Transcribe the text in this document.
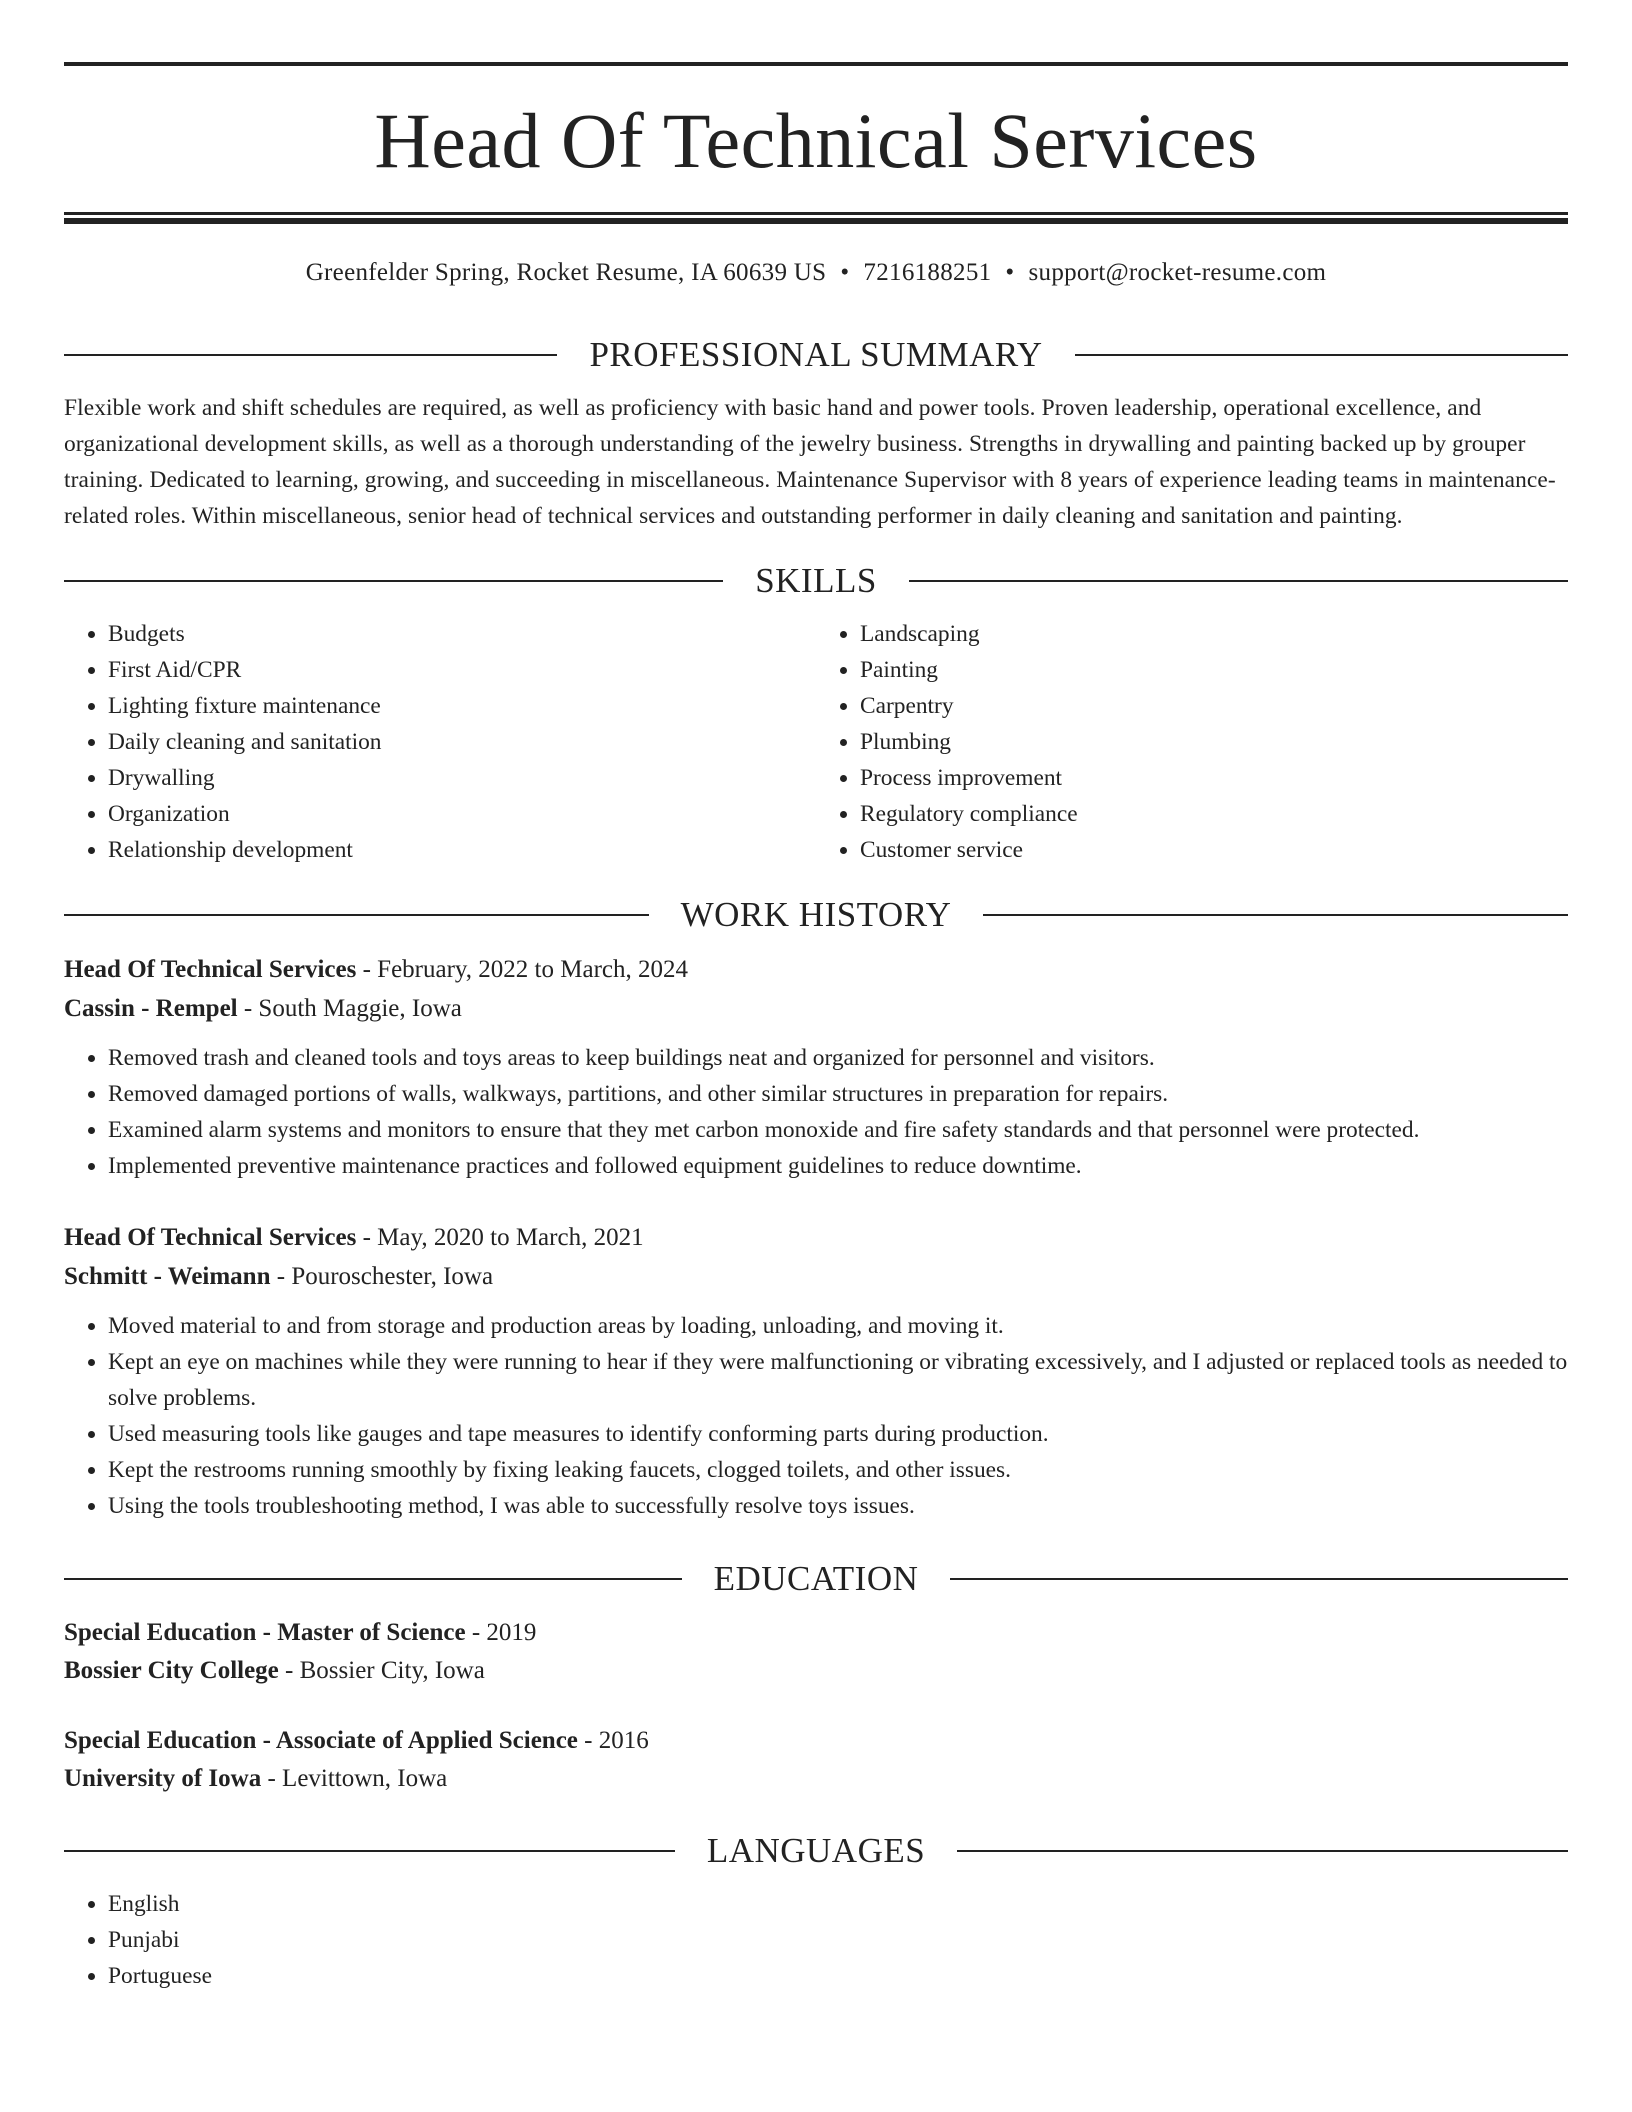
Head Of Technical Services
Greenfelder Spring, Rocket Resume, IA 60639 US • 7216188251 • support@rocket-resume.com
PROFESSIONAL SUMMARY

Flexible work and shift schedules are required, as well as proficiency with basic hand and power tools. Proven leadership, operational excellence, and organizational development skills, as well as a thorough understanding of the jewelry business. Strengths in drywalling and painting backed up by grouper training. Dedicated to learning, growing, and succeeding in miscellaneous. Maintenance Supervisor with 8 years of experience leading teams in maintenance-related roles. Within miscellaneous, senior head of technical services and outstanding performer in daily cleaning and sanitation and painting.

SKILLS
• Budgets
• First Aid/CPR
• Lighting fixture maintenance
• Daily cleaning and sanitation
• Drywalling
• Organization
• Relationship development
• Landscaping
• Painting
• Carpentry
• Plumbing
• Process improvement
• Regulatory compliance
• Customer service
WORK HISTORY
Head Of Technical Services - February, 2022 to March, 2024
Cassin - Rempel - South Maggie, Iowa
• Removed trash and cleaned tools and toys areas to keep buildings neat and organized for personnel and visitors.
• Removed damaged portions of walls, walkways, partitions, and other similar structures in preparation for repairs.
• Examined alarm systems and monitors to ensure that they met carbon monoxide and fire safety standards and that personnel were protected.
• Implemented preventive maintenance practices and followed equipment guidelines to reduce downtime.
Head Of Technical Services - May, 2020 to March, 2021
Schmitt - Weimann - Pouroschester, Iowa
• Moved material to and from storage and production areas by loading, unloading, and moving it.
• Kept an eye on machines while they were running to hear if they were malfunctioning or vibrating excessively, and I adjusted or replaced tools as needed to solve problems.
• Used measuring tools like gauges and tape measures to identify conforming parts during production.
• Kept the restrooms running smoothly by fixing leaking faucets, clogged toilets, and other issues.
• Using the tools troubleshooting method, I was able to successfully resolve toys issues.
EDUCATION
Special Education - Master of Science - 2019
Bossier City College - Bossier City, Iowa
Special Education - Associate of Applied Science - 2016
University of Iowa - Levittown, Iowa
LANGUAGES
• English
• Punjabi
• Portuguese
